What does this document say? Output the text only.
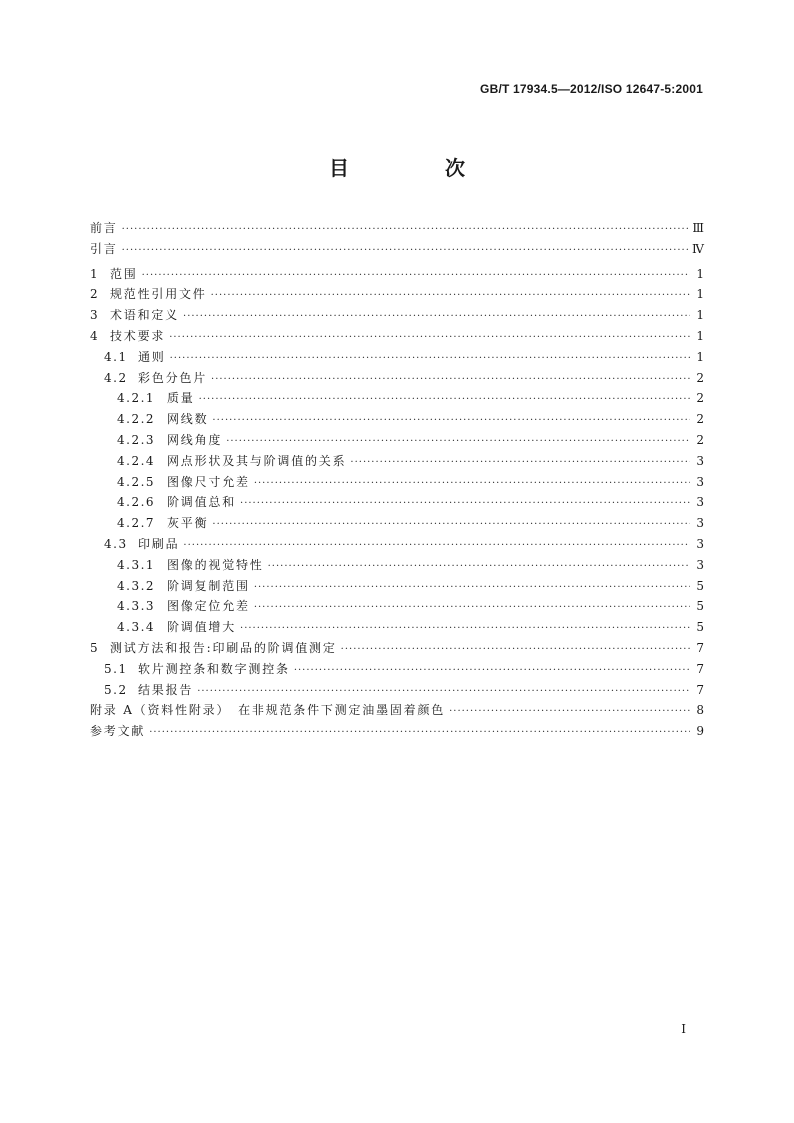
GB/T 17934.5—2012/ISO 12647-5:2001
目　次
前言 ·····	Ⅲ
引言 ·····	Ⅳ
1 范围 ·····	1
2 规范性引用文件 ·····	1
3 术语和定义 ·····	1
4 技术要求 ·····	1
4.1 通则 ·····	1
4.2 彩色分色片 ·····	2
4.2.1 质量 ·····	2
4.2.2 网线数 ·····	2
4.2.3 网线角度 ·····	2
4.2.4 网点形状及其与阶调值的关系 ·····	3
4.2.5 图像尺寸允差 ·····	3
4.2.6 阶调值总和 ·····	3
4.2.7 灰平衡 ·····	3
4.3 印刷品 ·····	3
4.3.1 图像的视觉特性 ·····	3
4.3.2 阶调复制范围 ·····	5
4.3.3 图像定位允差 ·····	5
4.3.4 阶调值增大 ·····	5
5 测试方法和报告:印刷品的阶调值测定 ·····	7
5.1 软片测控条和数字测控条 ·····	7
5.2 结果报告 ·····	7
附录 A（资料性附录）　在非规范条件下测定油墨固着颜色 ·····	8
参考文献 ·····	9
I
